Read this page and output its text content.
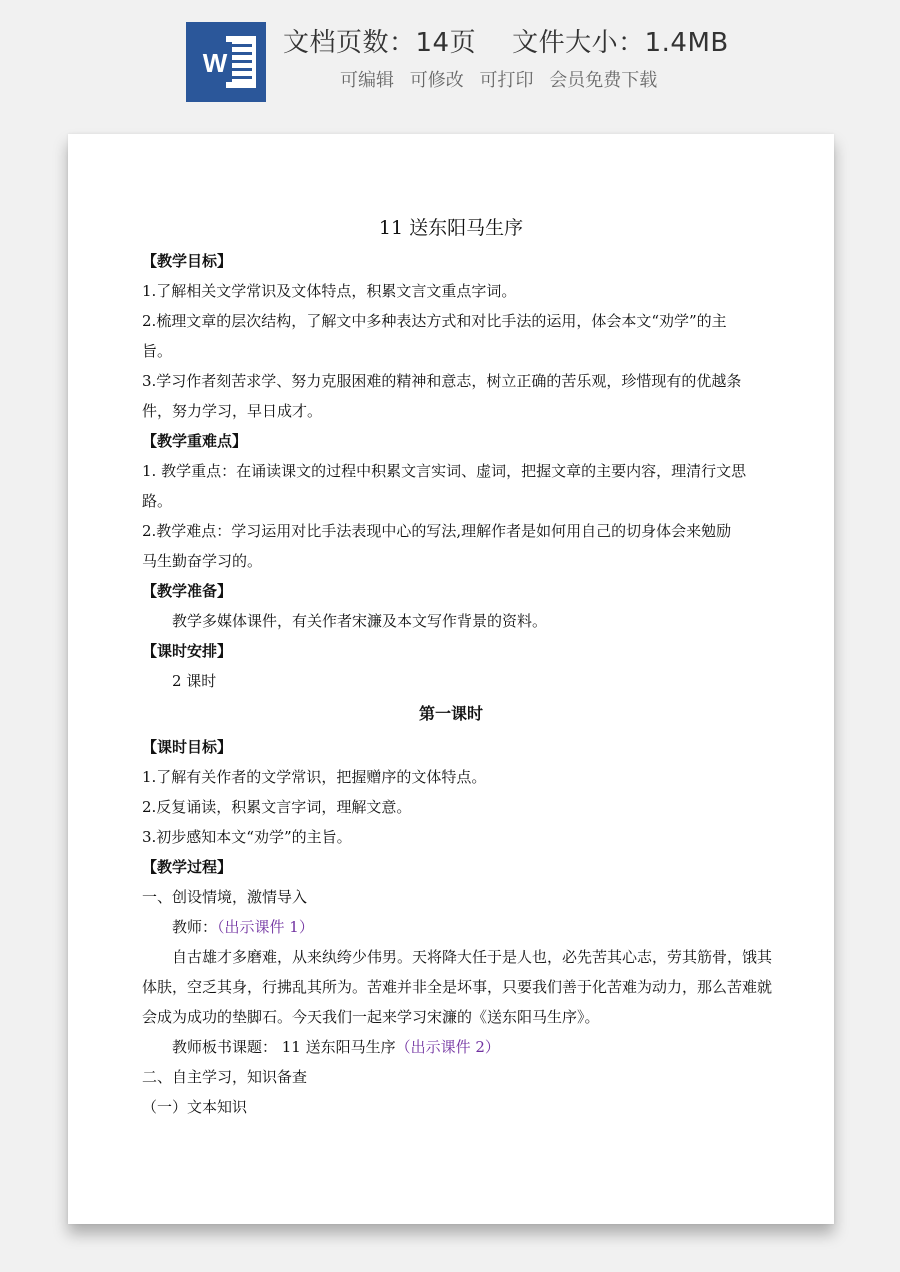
W
文档页数：14页 文件大小：1.4MB
可编辑 可修改 可打印 会员免费下载
11 送东阳马生序
【教学目标】
1.了解相关文学常识及文体特点，积累文言文重点字词。
2.梳理文章的层次结构，了解文中多种表达方式和对比手法的运用，体会本文“劝学”的主
旨。
3.学习作者刻苦求学、努力克服困难的精神和意志，树立正确的苦乐观，珍惜现有的优越条
件，努力学习，早日成才。
【教学重难点】
1. 教学重点：在诵读课文的过程中积累文言实词、虚词，把握文章的主要内容，理清行文思
路。
2.教学难点：学习运用对比手法表现中心的写法,理解作者是如何用自己的切身体会来勉励
马生勤奋学习的。
【教学准备】
教学多媒体课件，有关作者宋濂及本文写作背景的资料。
【课时安排】
2 课时
第一课时
【课时目标】
1.了解有关作者的文学常识，把握赠序的文体特点。
2.反复诵读，积累文言字词，理解文意。
3.初步感知本文“劝学”的主旨。
【教学过程】
一、创设情境，激情导入
教师：（出示课件 1）
自古雄才多磨难，从来纨绔少伟男。天将降大任于是人也，必先苦其心志，劳其筋骨，饿其
体肤，空乏其身，行拂乱其所为。苦难并非全是坏事，只要我们善于化苦难为动力，那么苦难就
会成为成功的垫脚石。今天我们一起来学习宋濂的《送东阳马生序》。
教师板书课题： 11 送东阳马生序（出示课件 2）
二、自主学习，知识备查
（一）文本知识
